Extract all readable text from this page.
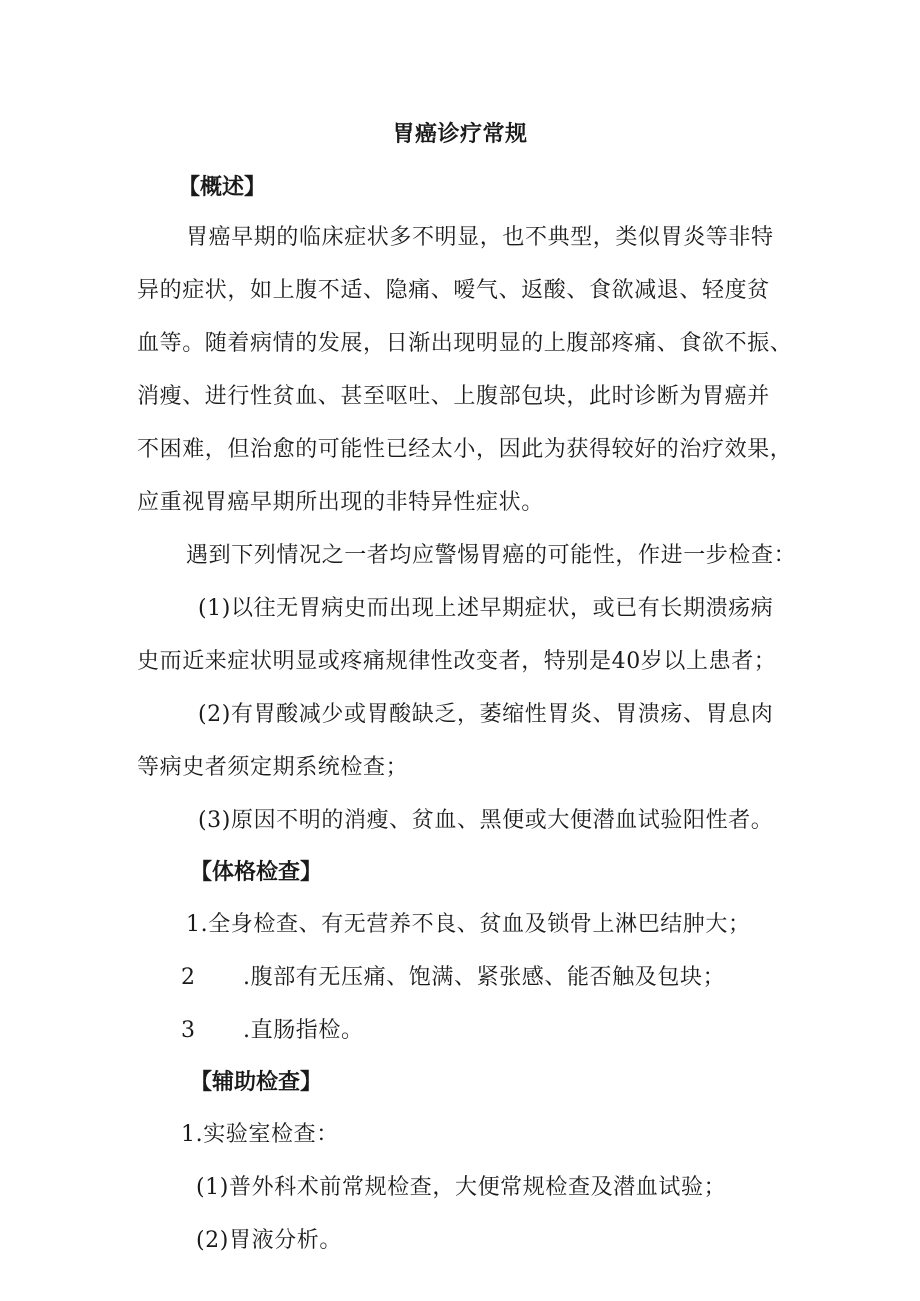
胃癌诊疗常规
【概述】
胃癌早期的临床症状多不明显，也不典型，类似胃炎等非特
异的症状，如上腹不适、隐痛、嗳气、返酸、食欲减退、轻度贫
血等。随着病情的发展，日渐出现明显的上腹部疼痛、食欲不振、
消瘦、进行性贫血、甚至呕吐、上腹部包块，此时诊断为胃癌并
不困难，但治愈的可能性已经太小，因此为获得较好的治疗效果，
应重视胃癌早期所出现的非特异性症状。
遇到下列情况之一者均应警惕胃癌的可能性，作进一步检查：
(1)以往无胃病史而出现上述早期症状，或已有长期溃疡病
史而近来症状明显或疼痛规律性改变者，特别是40岁以上患者；
(2)有胃酸减少或胃酸缺乏，萎缩性胃炎、胃溃疡、胃息肉
等病史者须定期系统检查；
(3)原因不明的消瘦、贫血、黑便或大便潜血试验阳性者。
【体格检查】
1.全身检查、有无营养不良、贫血及锁骨上淋巴结肿大；
2 .腹部有无压痛、饱满、紧张感、能否触及包块；
3 .直肠指检。
【辅助检查】
1.实验室检查：
(1)普外科术前常规检查，大便常规检查及潜血试验；
(2)胃液分析。
